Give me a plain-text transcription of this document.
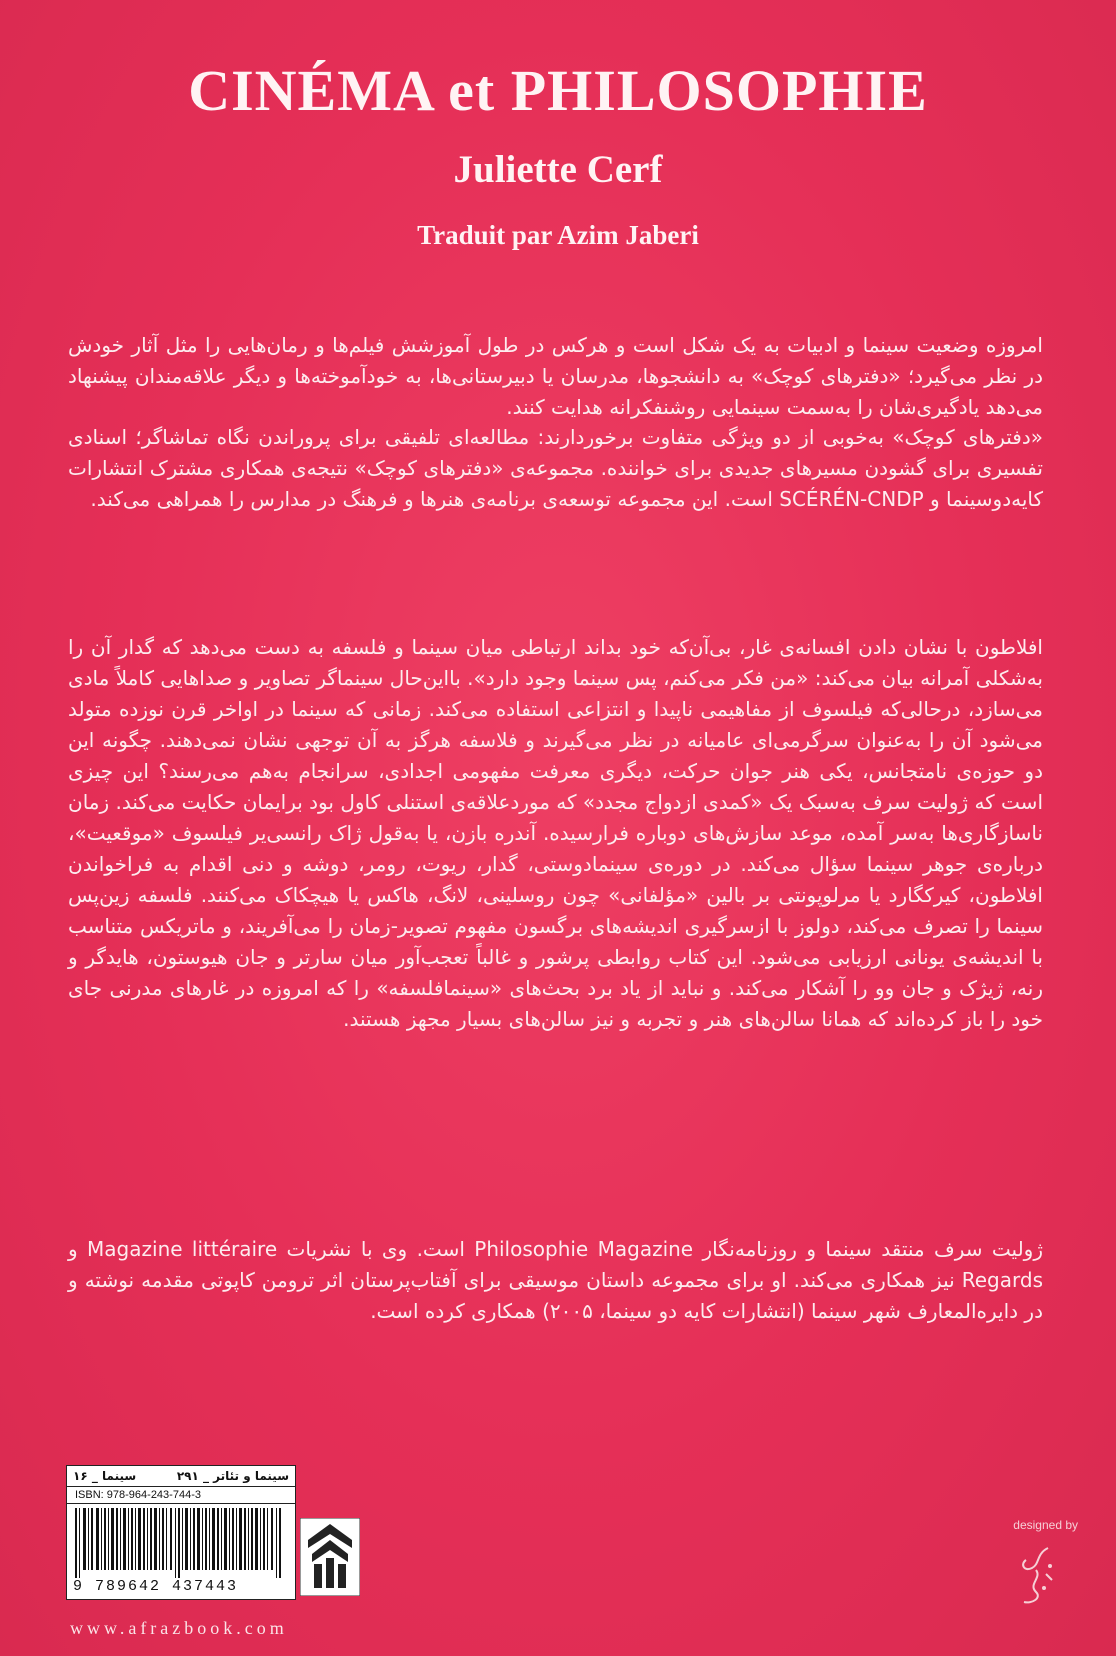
CINÉMA et PHILOSOPHIE
Juliette Cerf
Traduit par Azim Jaberi

امروزه وضعیت سینما و ادبیات به یک شکل است و هرکس در طول آموزشش فیلم‌ها و رمان‌هایی را مثل آثار خودش در نظر می‌گیرد؛ «دفترهای کوچک» به دانشجوها، مدرسان یا دبیرستانی‌ها، به خودآموخته‌ها و دیگر علاقه‌مندان پیشنهاد می‌دهد یادگیری‌شان را به‌سمت سینمایی روشنفکرانه هدایت کنند.

«دفترهای کوچک» به‌خوبی از دو ویژگی متفاوت برخوردارند: مطالعه‌ای تلفیقی برای پروراندن نگاه تماشاگر؛ اسنادی تفسیری برای گشودن مسیرهای جدیدی برای خواننده. مجموعه‌ی «دفترهای کوچک» نتیجه‌ی همکاری مشترک انتشارات کایه‌دوسینما و SCÉRÉN-CNDP است. این مجموعه توسعه‌ی برنامه‌ی هنرها و فرهنگ در مدارس را همراهی می‌کند.

افلاطون با نشان دادن افسانه‌ی غار، بی‌آن‌که خود بداند ارتباطی میان سینما و فلسفه به دست می‌دهد که گدار آن را به‌شکلی آمرانه بیان می‌کند: «من فکر می‌کنم، پس سینما وجود دارد». بااین‌حال سینماگر تصاویر و صداهایی کاملاً مادی می‌سازد، درحالی‌که فیلسوف از مفاهیمی ناپیدا و انتزاعی استفاده می‌کند. زمانی که سینما در اواخر قرن نوزده متولد می‌شود آن را به‌عنوان سرگرمی‌ای عامیانه در نظر می‌گیرند و فلاسفه هرگز به آن توجهی نشان نمی‌دهند. چگونه این دو حوزه‌ی نامتجانس، یکی هنر جوان حرکت، دیگری معرفت مفهومی اجدادی، سرانجام به‌هم می‌رسند؟ این چیزی است که ژولیت سرف به‌سبک یک «کمدی ازدواج مجدد» که موردعلاقه‌ی استنلی کاول بود برایمان حکایت می‌کند. زمان ناسازگاری‌ها به‌سر آمده، موعد سازش‌های دوباره فرارسیده. آندره بازن، یا به‌قول ژاک رانسی‌یر فیلسوف «موقعیت»، درباره‌ی جوهر سینما سؤال می‌کند. در دوره‌ی سینمادوستی، گدار، ریوت، رومر، دوشه و دنی اقدام به فراخواندن افلاطون، کیرکگارد یا مرلوپونتی بر بالین «مؤلفانی» چون روسلینی، لانگ، هاکس یا هیچکاک می‌کنند. فلسفه زین‌پس سینما را تصرف می‌کند، دولوز با ازسرگیری اندیشه‌های برگسون مفهوم تصویر-زمان را می‌آفریند، و ماتریکس متناسب با اندیشه‌ی یونانی ارزیابی می‌شود. این کتاب روابطی پرشور و غالباً تعجب‌آور میان سارتر و جان هیوستون، هایدگر و رنه، ژیژک و جان وو را آشکار می‌کند. و نباید از یاد برد بحث‌های «سینمافلسفه» را که امروزه در غارهای مدرنی جای خود را باز کرده‌اند که همانا سالن‌های هنر و تجربه و نیز سالن‌های بسیار مجهز هستند.

ژولیت سرف منتقد سینما و روزنامه‌نگار Philosophie Magazine است. وی با نشریات Magazine littéraire و Regards نیز همکاری می‌کند. او برای مجموعه داستان موسیقی برای آفتاب‌پرستان اثر ترومن کاپوتی مقدمه نوشته و در دایره‌المعارف شهر سینما (انتشارات کایه دو سینما، ۲۰۰۵) همکاری کرده است.

سینما و تئاتر _ ۲۹۱
سینما _ ۱۶
ISBN: 978-964-243-744-3
9 789642 437443
www.afrazbook.com
designed by
